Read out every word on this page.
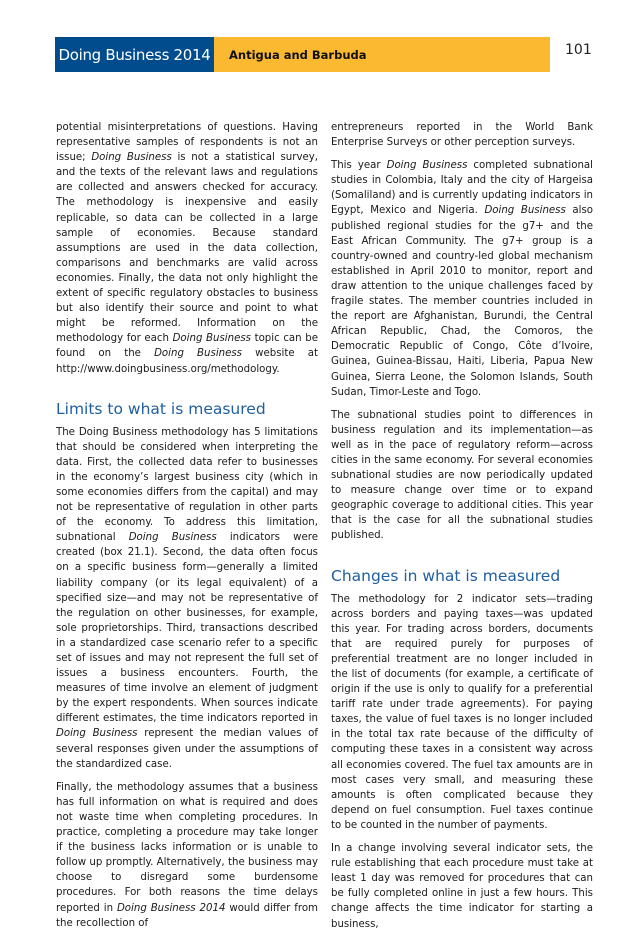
Doing Business 2014	Antigua and Barbuda	101

potential misinterpretations of questions. Having representative samples of respondents is not an issue; Doing Business is not a statistical survey, and the texts of the relevant laws and regulations are collected and answers checked for accuracy. The methodology is inexpensive and easily replicable, so data can be collected in a large sample of economies. Because standard assumptions are used in the data collection, comparisons and benchmarks are valid across economies. Finally, the data not only highlight the extent of specific regulatory obstacles to business but also identify their source and point to what might be reformed. Information on the methodology for each Doing Business topic can be found on the Doing Business website at http://www.doingbusiness.org/methodology.

Limits to what is measured

The Doing Business methodology has 5 limitations that should be considered when interpreting the data. First, the collected data refer to businesses in the economy’s largest business city (which in some economies differs from the capital) and may not be representative of regulation in other parts of the economy. To address this limitation, subnational Doing Business indicators were created (box 21.1). Second, the data often focus on a specific business form—generally a limited liability company (or its legal equivalent) of a specified size—and may not be representative of the regulation on other businesses, for example, sole proprietorships. Third, transactions described in a standardized case scenario refer to a specific set of issues and may not represent the full set of issues a business encounters. Fourth, the measures of time involve an element of judgment by the expert respondents. When sources indicate different estimates, the time indicators reported in Doing Business represent the median values of several responses given under the assumptions of the standardized case.

Finally, the methodology assumes that a business has full information on what is required and does not waste time when completing procedures. In practice, completing a procedure may take longer if the business lacks information or is unable to follow up promptly. Alternatively, the business may choose to disregard some burdensome procedures. For both reasons the time delays reported in Doing Business 2014 would differ from the recollection of

entrepreneurs reported in the World Bank Enterprise Surveys or other perception surveys.

This year Doing Business completed subnational studies in Colombia, Italy and the city of Hargeisa (Somaliland) and is currently updating indicators in Egypt, Mexico and Nigeria. Doing Business also published regional studies for the g7+ and the East African Community. The g7+ group is a country-owned and country-led global mechanism established in April 2010 to monitor, report and draw attention to the unique challenges faced by fragile states. The member countries included in the report are Afghanistan, Burundi, the Central African Republic, Chad, the Comoros, the Democratic Republic of Congo, Côte d’Ivoire, Guinea, Guinea-Bissau, Haiti, Liberia, Papua New Guinea, Sierra Leone, the Solomon Islands, South Sudan, Timor-Leste and Togo.

The subnational studies point to differences in business regulation and its implementation—as well as in the pace of regulatory reform—across cities in the same economy. For several economies subnational studies are now periodically updated to measure change over time or to expand geographic coverage to additional cities. This year that is the case for all the subnational studies published.

Changes in what is measured

The methodology for 2 indicator sets—trading across borders and paying taxes—was updated this year. For trading across borders, documents that are required purely for purposes of preferential treatment are no longer included in the list of documents (for example, a certificate of origin if the use is only to qualify for a preferential tariff rate under trade agreements). For paying taxes, the value of fuel taxes is no longer included in the total tax rate because of the difficulty of computing these taxes in a consistent way across all economies covered. The fuel tax amounts are in most cases very small, and measuring these amounts is often complicated because they depend on fuel consumption. Fuel taxes continue to be counted in the number of payments.

In a change involving several indicator sets, the rule establishing that each procedure must take at least 1 day was removed for procedures that can be fully completed online in just a few hours. This change affects the time indicator for starting a business,
